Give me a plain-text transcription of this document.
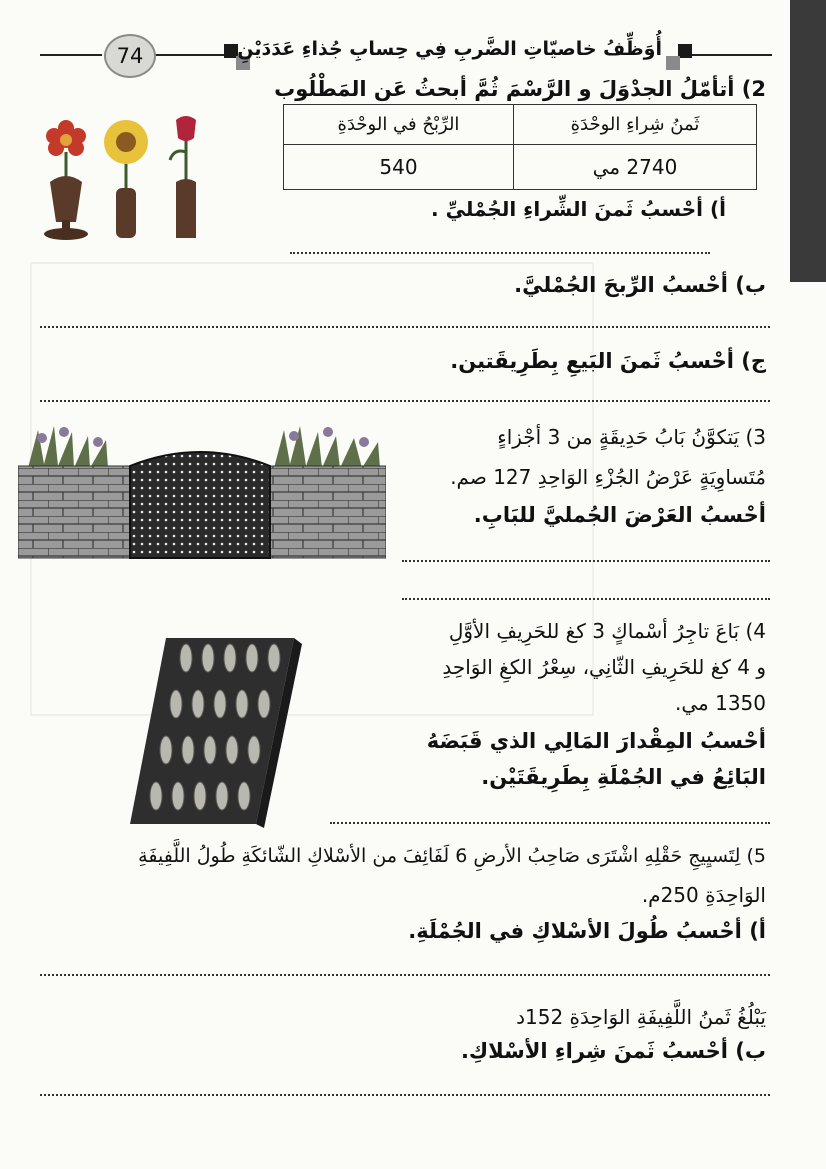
74	أُوَظِّفُ خاصيّاتِ الضَّربِ فِي حِسابِ جُذاءِ عَدَدَيْنِ
2) أتأمّلُ الجدْوَلَ و الرَّسْمَ ثُمَّ أبحثُ عَن المَطْلُوب
ثَمنُ شِراءِ الوحْدَةِ	الرِّبْحُ في الوحْدَةِ
2740 مي	540
أ) أحْسبُ ثَمنَ الشِّراءِ الجُمْليِّ .
ب) أحْسبُ الرِّبحَ الجُمْليَّ.
ج) أحْسبُ ثَمنَ البَيعِ بِطَرِيقَتين.
3) يَتكوَّنُ بَابُ حَدِيقَةٍ من 3 أجْزاءٍ
مُتَساوِيَةٍ عَرْضُ الجُزْءِ الوَاحِدِ 127 صم.
أحْسبُ العَرْضَ الجُمليَّ للبَابِ.
4) بَاعَ تاجِرُ أسْماكٍ 3 كغ للحَرِيفِ الأوَّلِ
و 4 كغ للحَرِيفِ الثّانِي، سِعْرُ الكغِ الوَاحِدِ
1350 مي.
أحْسبُ المِقْدارَ المَالِي الذي قَبَضَهُ
البَائِعُ في الجُمْلَةِ بِطَرِيقَتَيْن.
5) لِتَسيِيجِ حَقْلِهِ اشْتَرَى صَاحِبُ الأرضِ 6 لَفَائِفَ من الأسْلاكِ الشّائكَةِ طُولُ اللَّفِيفَةِ
الوَاحِدَةِ 250م.
أ) أحْسبُ طُولَ الأسْلاكِ في الجُمْلَةِ.
يَبْلُغُ ثَمنُ اللَّفِيفَةِ الوَاحِدَةِ 152د
ب) أحْسبُ ثَمنَ شِراءِ الأسْلاكِ.
